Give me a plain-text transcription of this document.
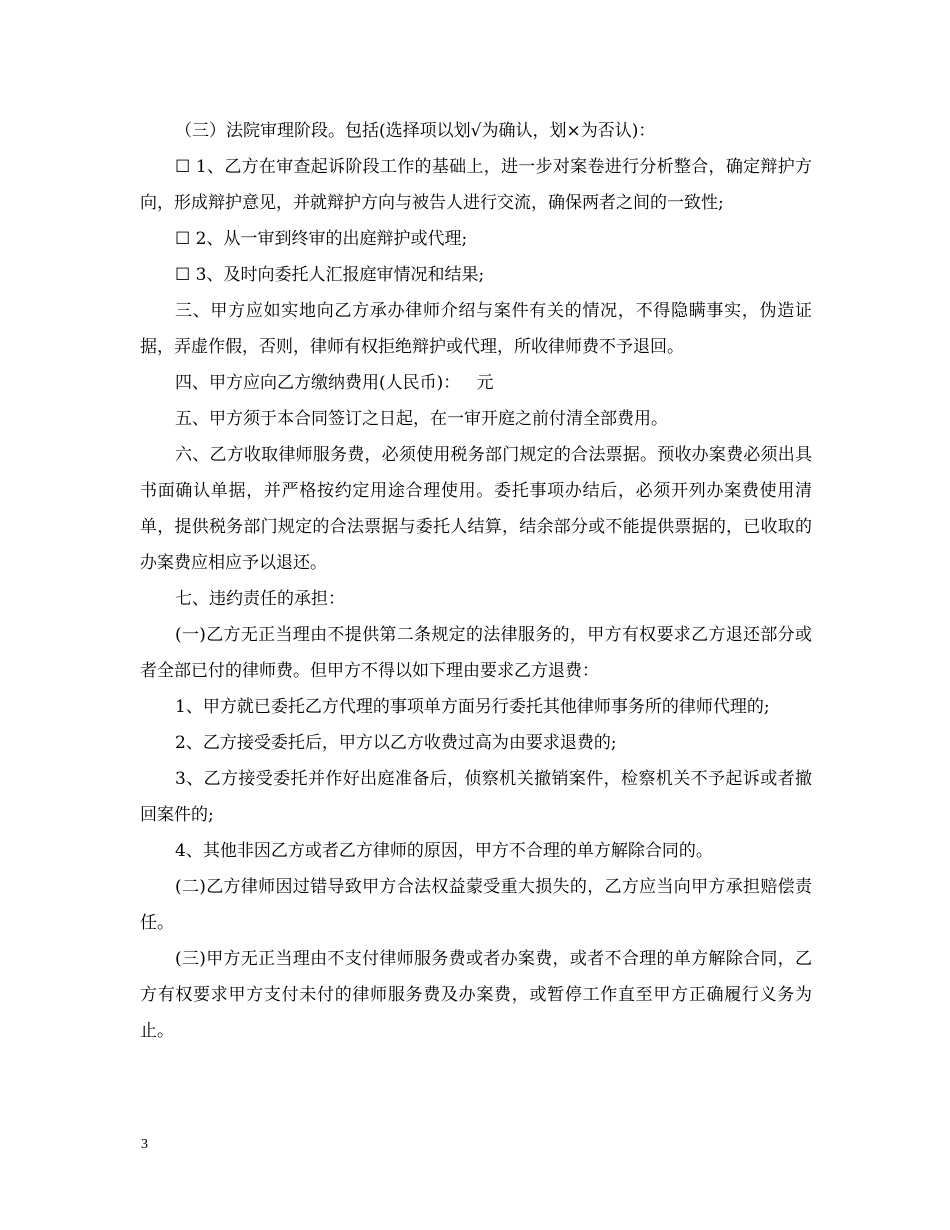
（三）法院审理阶段。包括(选择项以划√为确认，划×为否认)：

☐ 1、乙方在审查起诉阶段工作的基础上，进一步对案卷进行分析整合，确定辩护方向，形成辩护意见，并就辩护方向与被告人进行交流，确保两者之间的一致性;

☐ 2、从一审到终审的出庭辩护或代理;

☐ 3、及时向委托人汇报庭审情况和结果;

三、甲方应如实地向乙方承办律师介绍与案件有关的情况，不得隐瞒事实，伪造证据，弄虚作假，否则，律师有权拒绝辩护或代理，所收律师费不予退回。

四、甲方应向乙方缴纳费用(人民币)：   元

五、甲方须于本合同签订之日起，在一审开庭之前付清全部费用。

六、乙方收取律师服务费，必须使用税务部门规定的合法票据。预收办案费必须出具书面确认单据，并严格按约定用途合理使用。委托事项办结后，必须开列办案费使用清单，提供税务部门规定的合法票据与委托人结算，结余部分或不能提供票据的，已收取的办案费应相应予以退还。

七、违约责任的承担：

(一)乙方无正当理由不提供第二条规定的法律服务的，甲方有权要求乙方退还部分或者全部已付的律师费。但甲方不得以如下理由要求乙方退费：

1、甲方就已委托乙方代理的事项单方面另行委托其他律师事务所的律师代理的;

2、乙方接受委托后，甲方以乙方收费过高为由要求退费的;

3、乙方接受委托并作好出庭准备后，侦察机关撤销案件，检察机关不予起诉或者撤回案件的;

4、其他非因乙方或者乙方律师的原因，甲方不合理的单方解除合同的。

(二)乙方律师因过错导致甲方合法权益蒙受重大损失的，乙方应当向甲方承担赔偿责任。

(三)甲方无正当理由不支付律师服务费或者办案费，或者不合理的单方解除合同，乙方有权要求甲方支付未付的律师服务费及办案费，或暂停工作直至甲方正确履行义务为止。

3
